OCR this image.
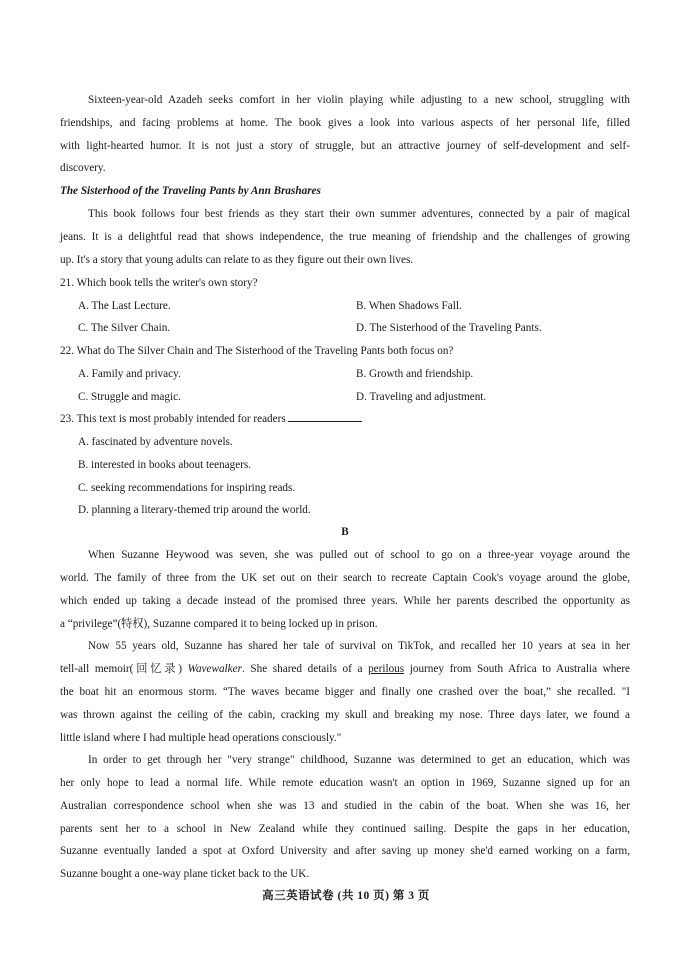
Sixteen-year-old Azadeh seeks comfort in her violin playing while adjusting to a new school, struggling with
friendships, and facing problems at home. The book gives a look into various aspects of her personal life, filled
with light-hearted humor. It is not just a story of struggle, but an attractive journey of self-development and self-
discovery.
The Sisterhood of the Traveling Pants by Ann Brashares
This book follows four best friends as they start their own summer adventures, connected by a pair of magical
jeans. It is a delightful read that shows independence, the true meaning of friendship and the challenges of growing
up. It's a story that young adults can relate to as they figure out their own lives.
21. Which book tells the writer's own story?
A. The Last Lecture.	B. When Shadows Fall.
C. The Silver Chain.	D. The Sisterhood of the Traveling Pants.
22. What do The Silver Chain and The Sisterhood of the Traveling Pants both focus on?
A. Family and privacy.	B. Growth and friendship.
C. Struggle and magic.	D. Traveling and adjustment.
23. This text is most probably intended for readers
A. fascinated by adventure novels.
B. interested in books about teenagers.
C. seeking recommendations for inspiring reads.
D. planning a literary-themed trip around the world.
B
When Suzanne Heywood was seven, she was pulled out of school to go on a three-year voyage around the
world. The family of three from the UK set out on their search to recreate Captain Cook's voyage around the globe,
which ended up taking a decade instead of the promised three years. While her parents described the opportunity as
a “privilege”(特权), Suzanne compared it to being locked up in prison.
Now 55 years old, Suzanne has shared her tale of survival on TikTok, and recalled her 10 years at sea in her
tell-all memoir(回忆录) Wavewalker. She shared details of a perilous journey from South Africa to Australia where
the boat hit an enormous storm. “The waves became bigger and finally one crashed over the boat,” she recalled. "I
was thrown against the ceiling of the cabin, cracking my skull and breaking my nose. Three days later, we found a
little island where I had multiple head operations consciously."
In order to get through her "very strange" childhood, Suzanne was determined to get an education, which was
her only hope to lead a normal life. While remote education wasn't an option in 1969, Suzanne signed up for an
Australian correspondence school when she was 13 and studied in the cabin of the boat. When she was 16, her
parents sent her to a school in New Zealand while they continued sailing. Despite the gaps in her education,
Suzanne eventually landed a spot at Oxford University and after saving up money she'd earned working on a farm,
Suzanne bought a one-way plane ticket back to the UK.
高三英语试卷 (共 10 页) 第 3 页
